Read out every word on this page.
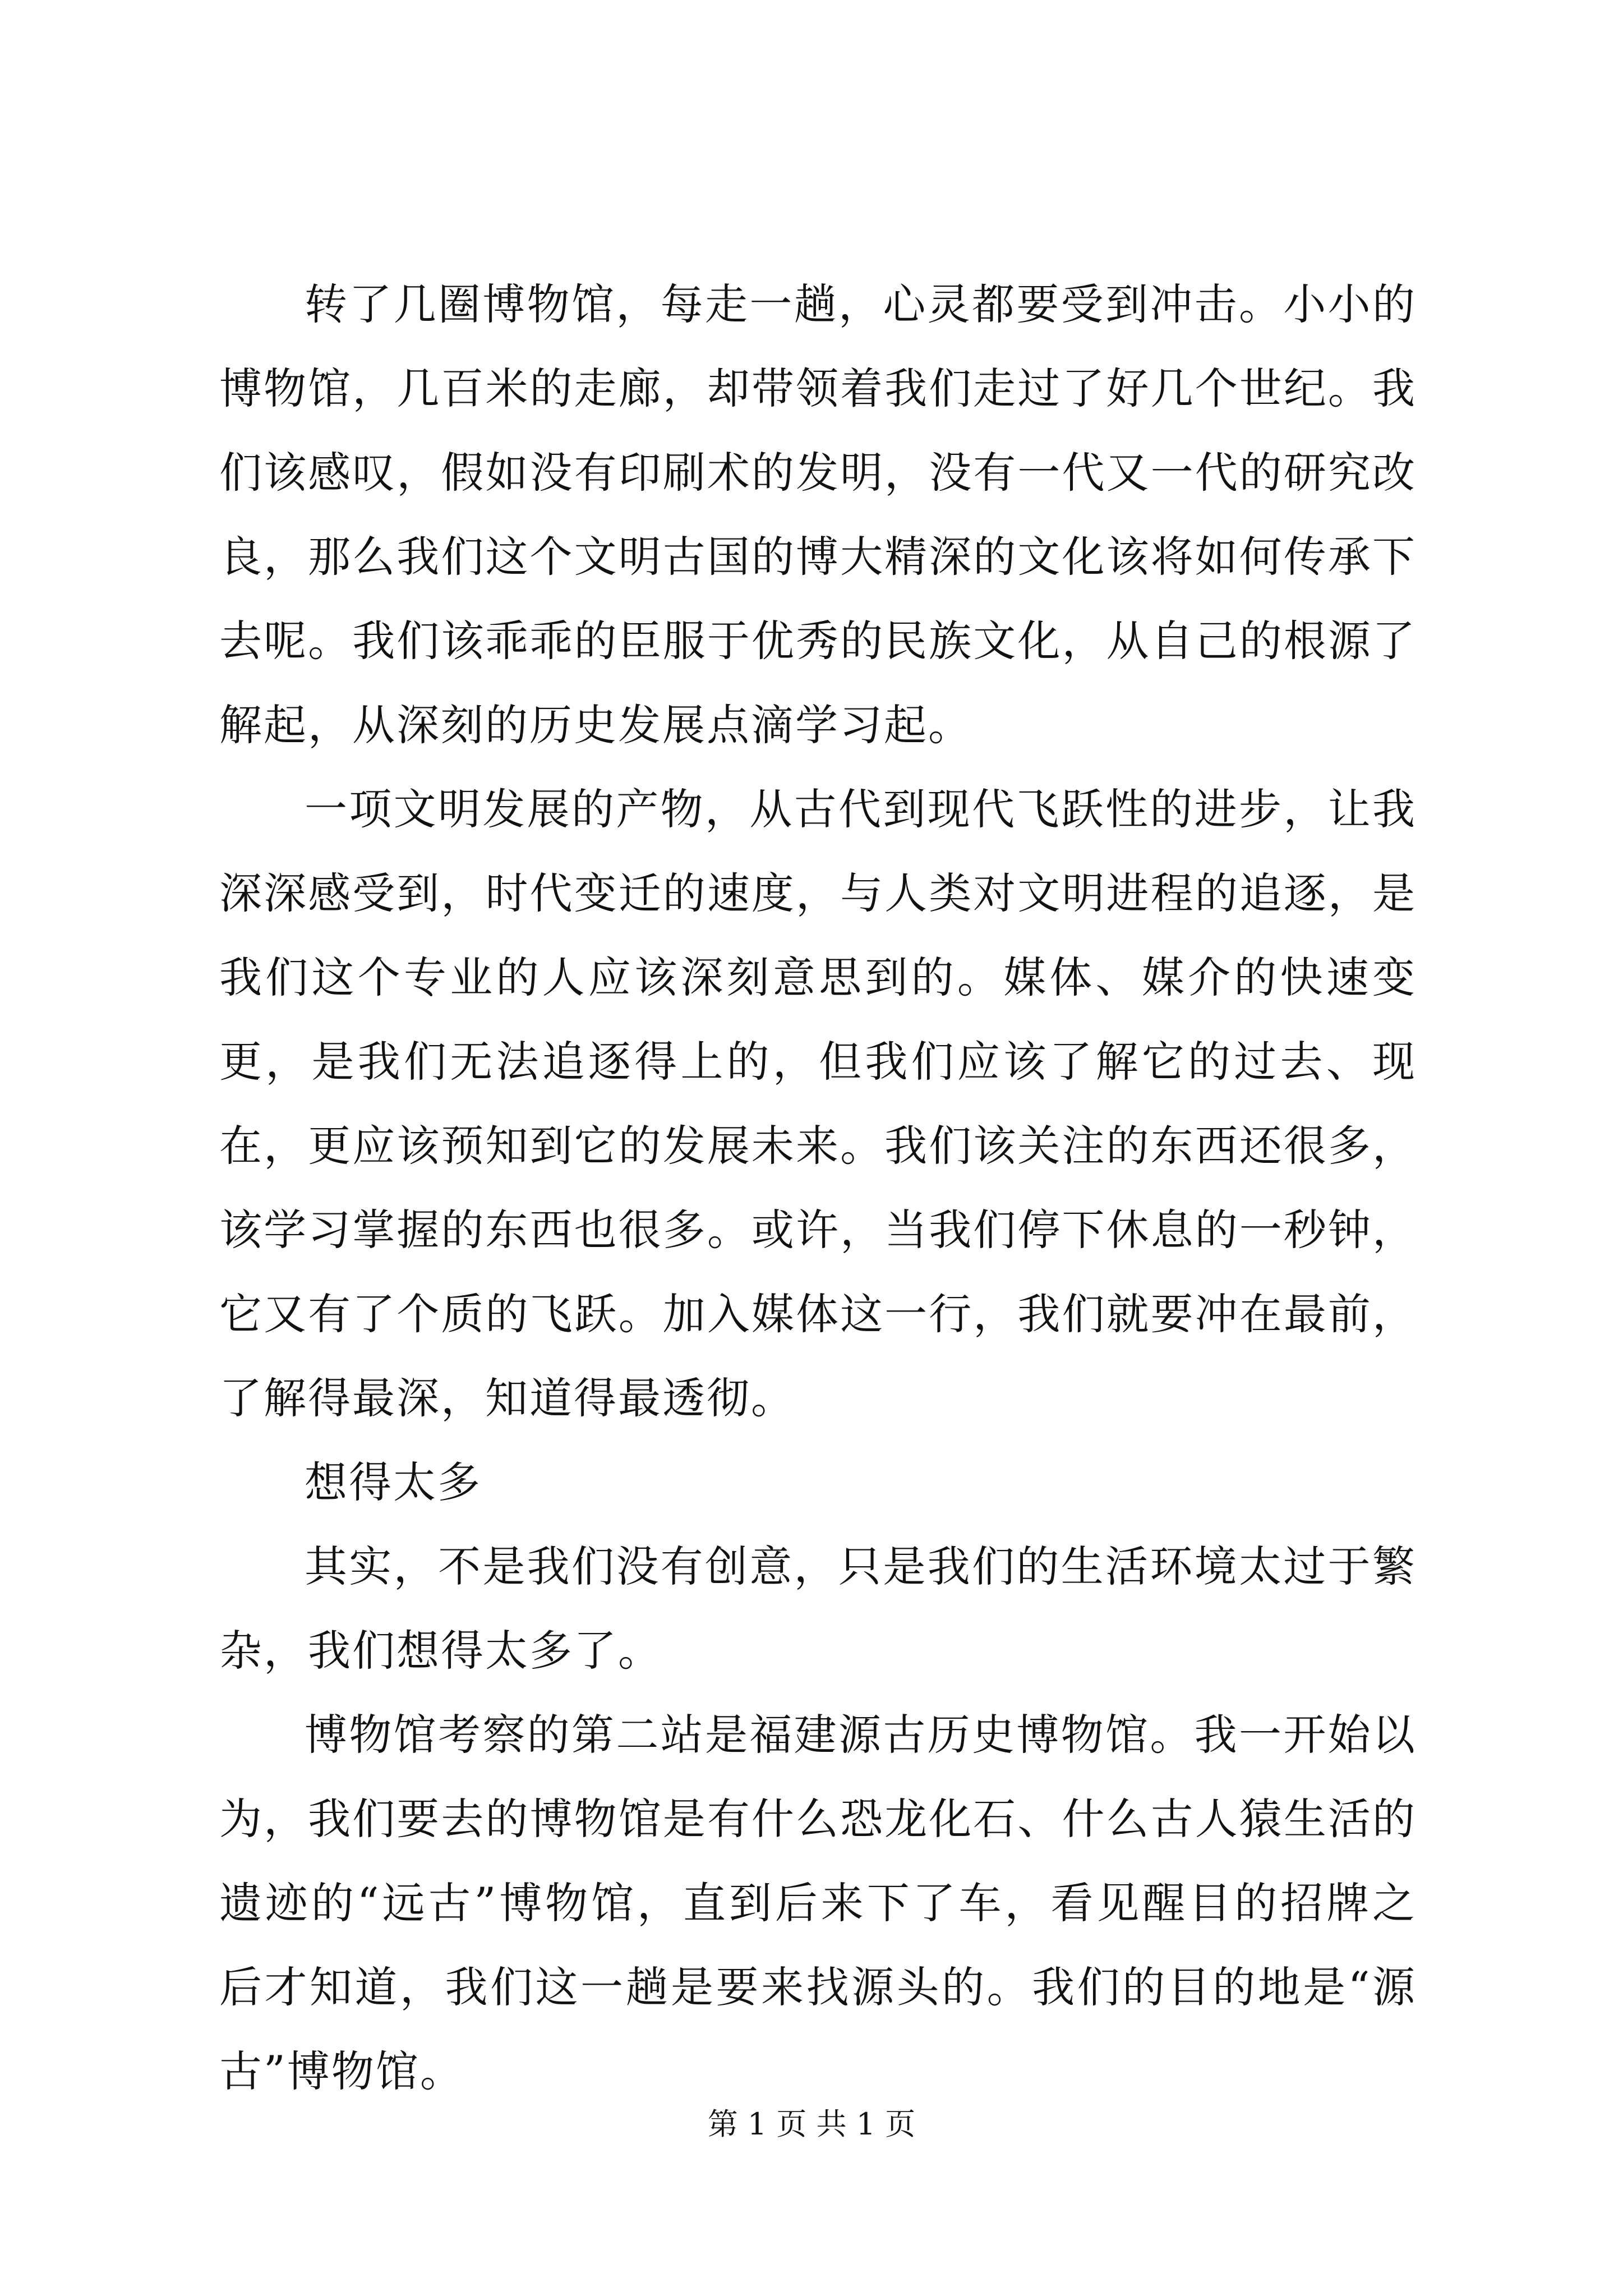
转了几圈博物馆，每走一趟，心灵都要受到冲击。小小的博物馆，几百米的走廊，却带领着我们走过了好几个世纪。我们该感叹，假如没有印刷术的发明，没有一代又一代的研究改良，那么我们这个文明古国的博大精深的文化该将如何传承下去呢。我们该乖乖的臣服于优秀的民族文化，从自己的根源了解起，从深刻的历史发展点滴学习起。

一项文明发展的产物，从古代到现代飞跃性的进步，让我深深感受到，时代变迁的速度，与人类对文明进程的追逐，是我们这个专业的人应该深刻意思到的。媒体、媒介的快速变更，是我们无法追逐得上的，但我们应该了解它的过去、现在，更应该预知到它的发展未来。我们该关注的东西还很多，该学习掌握的东西也很多。或许，当我们停下休息的一秒钟，它又有了个质的飞跃。加入媒体这一行，我们就要冲在最前，了解得最深，知道得最透彻。

想得太多

其实，不是我们没有创意，只是我们的生活环境太过于繁杂，我们想得太多了。

博物馆考察的第二站是福建源古历史博物馆。我一开始以为，我们要去的博物馆是有什么恐龙化石、什么古人猿生活的遗迹的“远古”博物馆，直到后来下了车，看见醒目的招牌之后才知道，我们这一趟是要来找源头的。我们的目的地是“源古”博物馆。

第 1 页 共 1 页
